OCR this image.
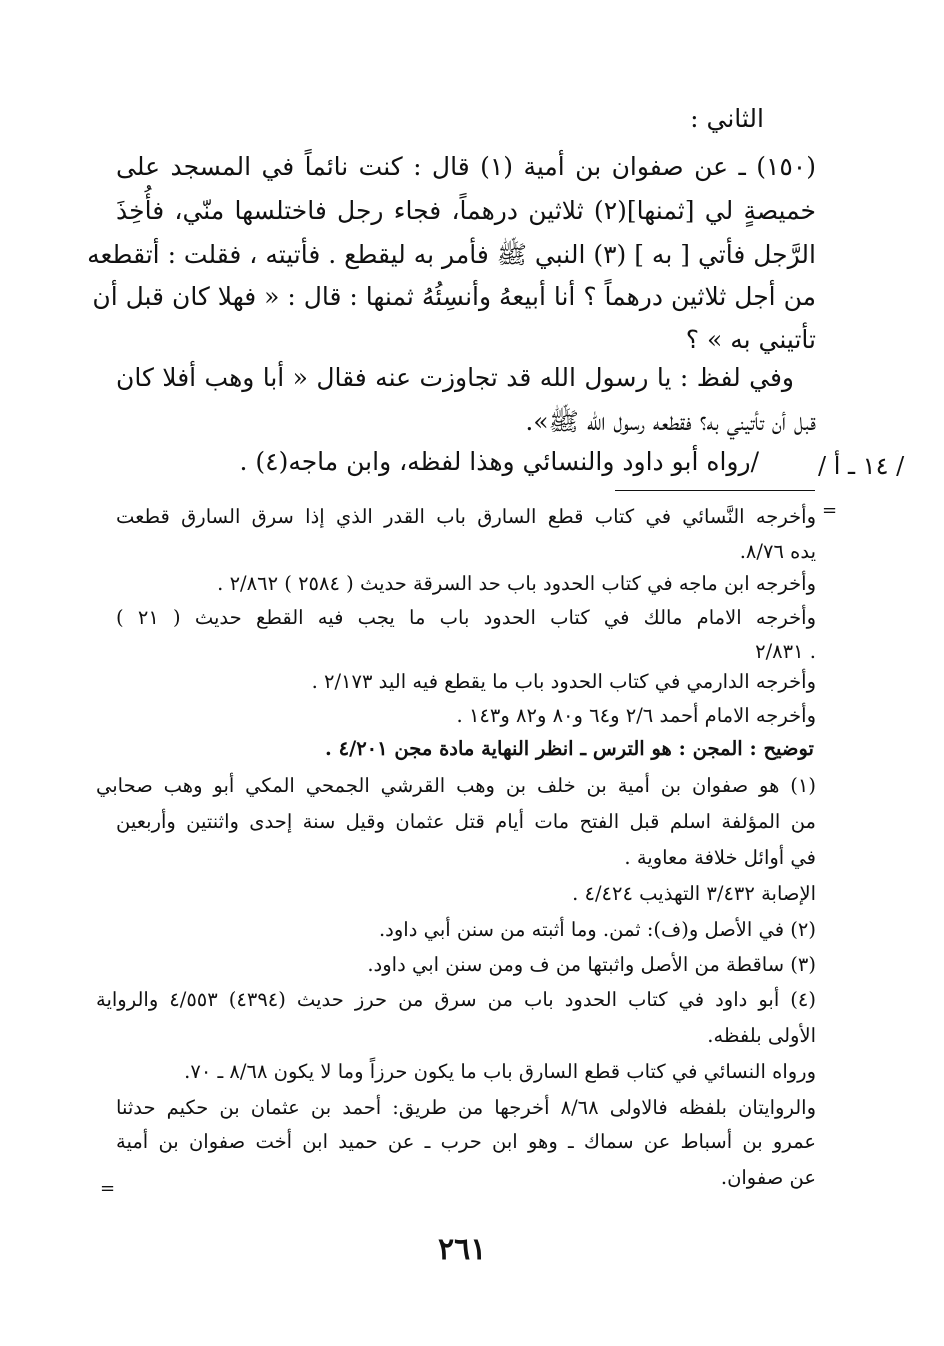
الثاني :
(١٥٠) ـ عن صفوان بن أمية (١) قال : كنت نائماً في المسجد على
خميصةٍ لي [ثمنها](٢) ثلاثين درهماً، فجاء رجل فاختلسها منّي، فأُخِذَ
الرَّجل فأتي [ به ] (٣) النبي ﷺ فأمر به ليقطع . فأتيته ، فقلت : أتقطعه
من أجل ثلاثين درهماً ؟ أنا أبيعهُ وأنسِئُهُ ثمنها : قال : « فهلا كان قبل أن
تأتيني به » ؟
وفي لفظ : يا رسول الله قد تجاوزت عنه فقال « أبا وهب أفلا كان
قبل أن تأتيني به؟ فقطعه رسول الله ﷺ».
/رواه أبو داود والنسائي وهذا لفظه، وابن ماجه(٤) . / ١٤ ـ أ /
=
وأخرجه النَّسائي في كتاب قطع السارق باب القدر الذي إذا سرق السارق قطعت
يده ٨/٧٦.
وأخرجه ابن ماجه في كتاب الحدود باب حد السرقة حديث ( ٢٥٨٤ ) ٢/٨٦٢ .
وأخرجه الامام مالك في كتاب الحدود باب ما يجب فيه القطع حديث ( ٢١ )
٢/٨٣١ .
وأخرجه الدارمي في كتاب الحدود باب ما يقطع فيه اليد ٢/١٧٣ .
وأخرجه الامام أحمد ٢/٦ و٦٤ و٨٠ و٨٢ و١٤٣ .
توضيح : المجن : هو الترس ـ انظر النهاية مادة مجن ٤/٢٠١ .
(١) هو صفوان بن أمية بن خلف بن وهب القرشي الجمحي المكي أبو وهب صحابي
من المؤلفة اسلم قبل الفتح مات أيام قتل عثمان وقيل سنة إحدى واثنتين وأربعين
في أوائل خلافة معاوية .
الإصابة ٣/٤٣٢ التهذيب ٤/٤٢٤ .
(٢) في الأصل و(ف): ثمن. وما أثبته من سنن أبي داود.
(٣) ساقطة من الأصل واثبتها من ف ومن سنن ابي داود.
(٤) أبو داود في كتاب الحدود باب من سرق من حرز حديث (٤٣٩٤) ٤/٥٥٣ والرواية
الأولى بلفظه.
ورواه النسائي في كتاب قطع السارق باب ما يكون حرزاً وما لا يكون ٨/٦٨ ـ ٧٠.
والروايتان بلفظه فالاولى ٨/٦٨ أخرجها من طريق: أحمد بن عثمان بن حكيم حدثنا
عمرو بن أسباط عن سماك ـ وهو ابن حرب ـ عن حميد ابن أخت صفوان بن أمية
عن صفوان.
=
٢٦١
